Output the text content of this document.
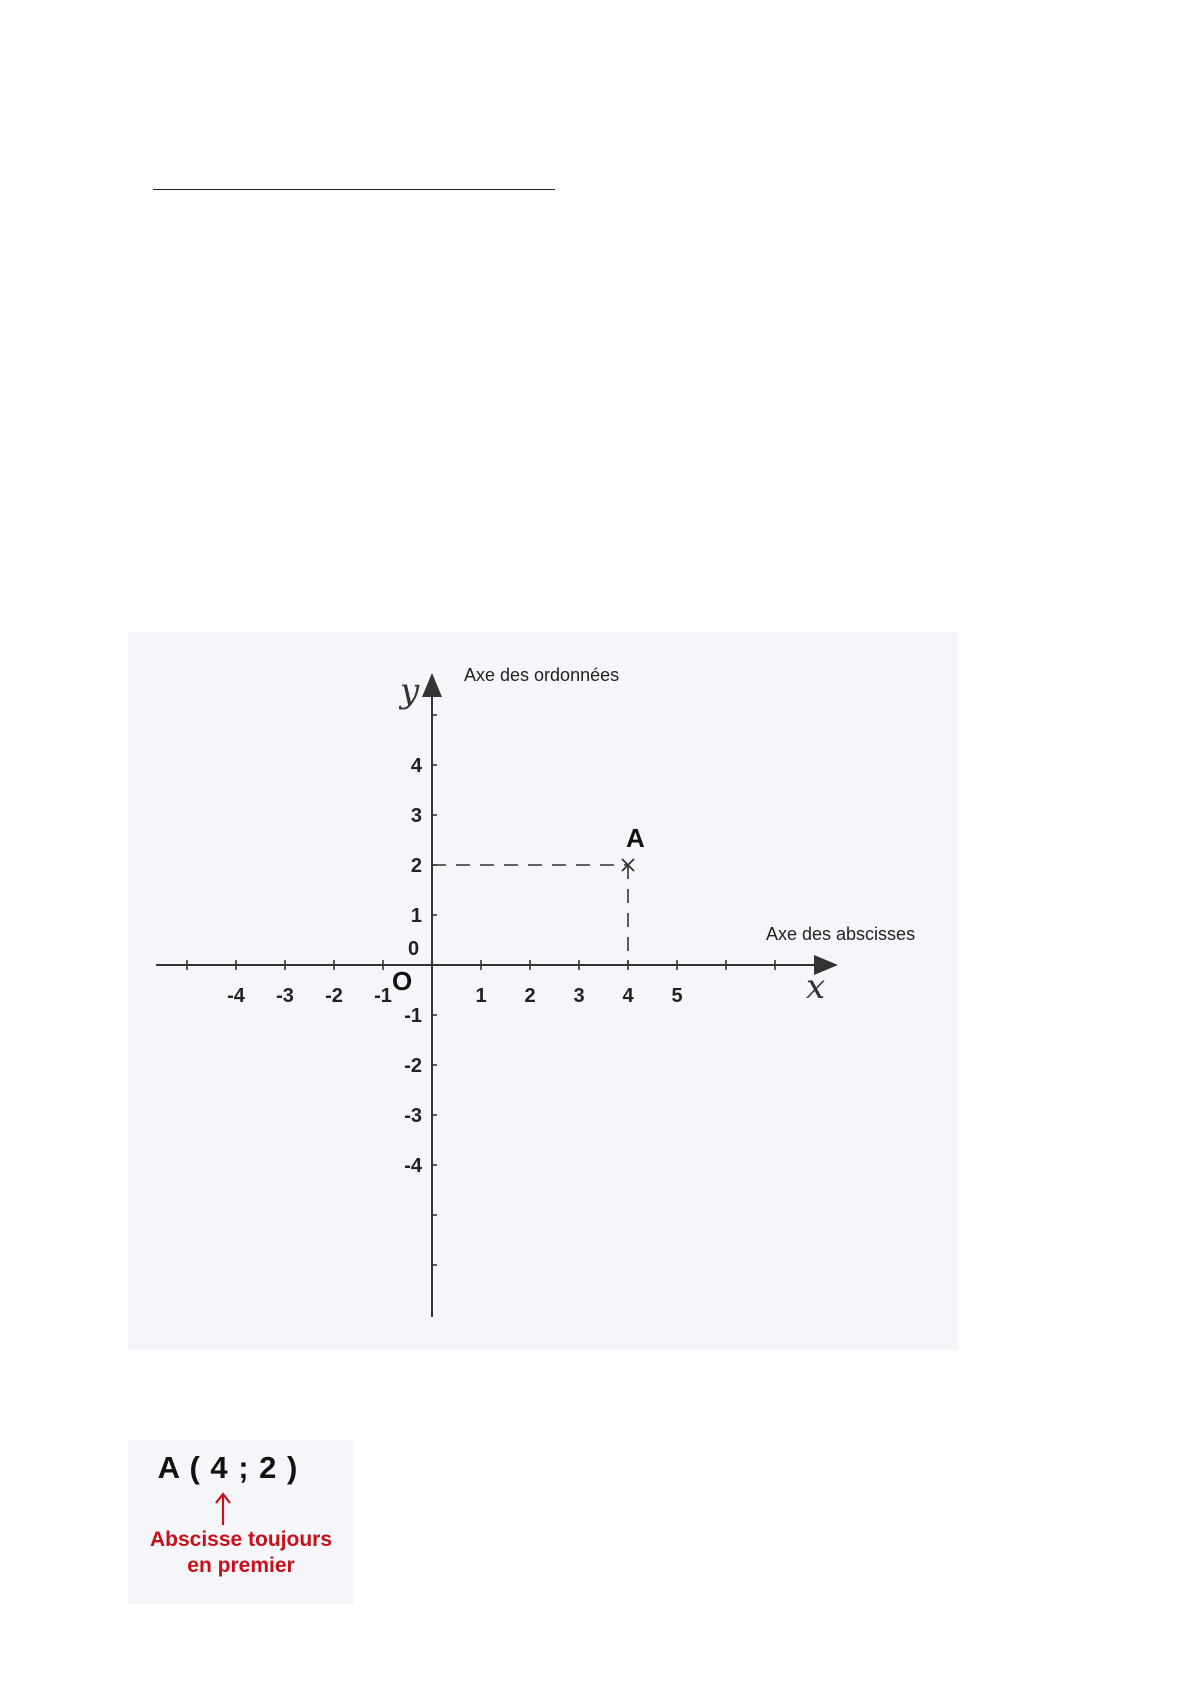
-4 -3 -2 -1	1 2 3 4 5
1
2
3
4
-1
-2
-3
-4
Axe des ordonnées
Axe des abscisses
y
x
0
O
A
A ( 4 ; 2 )
Abscisse toujours
en premier
